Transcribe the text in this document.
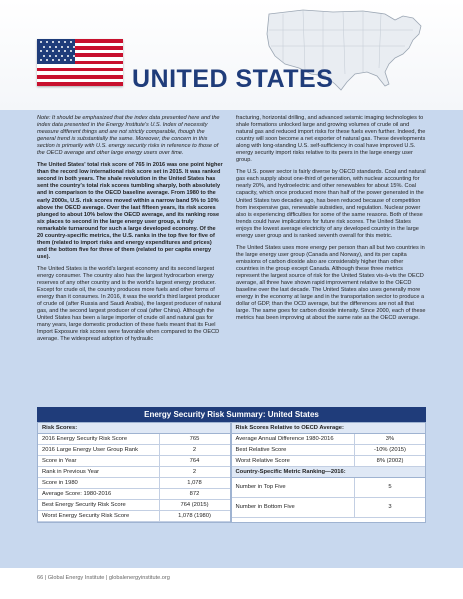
UNITED STATES

Note: It should be emphasized that the index data presented here and the index data presented in the Energy Institute's U.S. Index of necessity measure different things and are not strictly comparable, though the general trend is substantially the same. Moreover, the concern in this section is primarily with U.S. energy security risks in reference to those of the OECD average and other large energy users over time.

The United States' total risk score of 765 in 2016 was one point higher than the record low international risk score set in 2015. It was ranked second in both years. The shale revolution in the United States has sent the country's total risk scores tumbling sharply, both absolutely and in comparison to the OECD baseline average. From 1980 to the early 2000s, U.S. risk scores moved within a narrow band 5% to 10% above the OECD average. Over the last fifteen years, its risk scores plunged to about 10% below the OECD average, and its ranking rose six places to second in the large energy user group, a truly remarkable turnaround for such a large developed economy. Of the 20 country-specific metrics, the U.S. ranks in the top five for five of them (related to import risks and energy expenditures and prices) and the bottom five for three of them (related to per capita energy use).

The United States is the world's largest economy and its second largest energy consumer. The country also has the largest hydrocarbon energy reserves of any other country and is the world's largest energy producer. Except for crude oil, the country produces more fuels and other forms of energy than it consumes. In 2016, it was the world's third largest producer of crude oil (after Russia and Saudi Arabia), the largest producer of natural gas, and the second largest producer of coal (after China). Although the United States has been a large importer of crude oil and natural gas for many years, large domestic production of these fuels meant that its Fuel Import Exposure risk scores were favorable when compared to the OECD average. The widespread adoption of hydraulic

fracturing, horizontal drilling, and advanced seismic imaging technologies to shale formations unlocked large and growing volumes of crude oil and natural gas and reduced import risks for these fuels even further. Indeed, the country will soon become a net exporter of natural gas. These developments along with long-standing U.S. self-sufficiency in coal have improved U.S. energy security import risks relative to its peers in the large energy user group.

The U.S. power sector is fairly diverse by OECD standards. Coal and natural gas each supply about one-third of generation, with nuclear accounting for nearly 20%, and hydroelectric and other renewables for about 15%. Coal capacity, which once produced more than half of the power generated in the United States two decades ago, has been reduced because of competition from inexpensive gas, renewable subsidies, and regulation. Nuclear power also is experiencing difficulties for some of the same reasons. Both of these trends could have implications for future risk scores. The United States enjoys the lowest average electricity of any developed country in the large energy user group and is ranked seventh overall for this metric.

The United States uses more energy per person than all but two countries in the large energy user group (Canada and Norway), and its per capita emissions of carbon dioxide also are considerably higher than other countries in the group except Canada. Although these three metrics represent the largest source of risk for the United States vis-à-vis the OECD average, all three have shown rapid improvement relative to the OECD baseline over the last decade. The United States also uses generally more energy in the economy at large and in the transportation sector to produce a dollar of GDP, than the OCD average, but the differences are not all that large. The same goes for carbon dioxide intensity. Since 2000, each of these metrics has been improving at about the same rate as the OECD average.

Energy Security Risk Summary: United States
Risk Scores:
2016 Energy Security Risk Score	765
2016 Large Energy User Group Rank	2
Score in Year	764
Rank in Previous Year	2
Score in 1980	1,078
Average Score: 1980-2016	872
Best Energy Security Risk Score	764 (2015)
Worst Energy Security Risk Score	1,078 (1980)
Risk Scores Relative to OECD Average:
Average Annual Difference 1980-2016	3%
Best Relative Score	-10% (2015)
Worst Relative Score	8% (2002)
Country-Specific Metric Ranking—2016:
Number in Top Five	5
Number in Bottom Five	3
66 | Global Energy Institute | globalenergyinstitute.org
